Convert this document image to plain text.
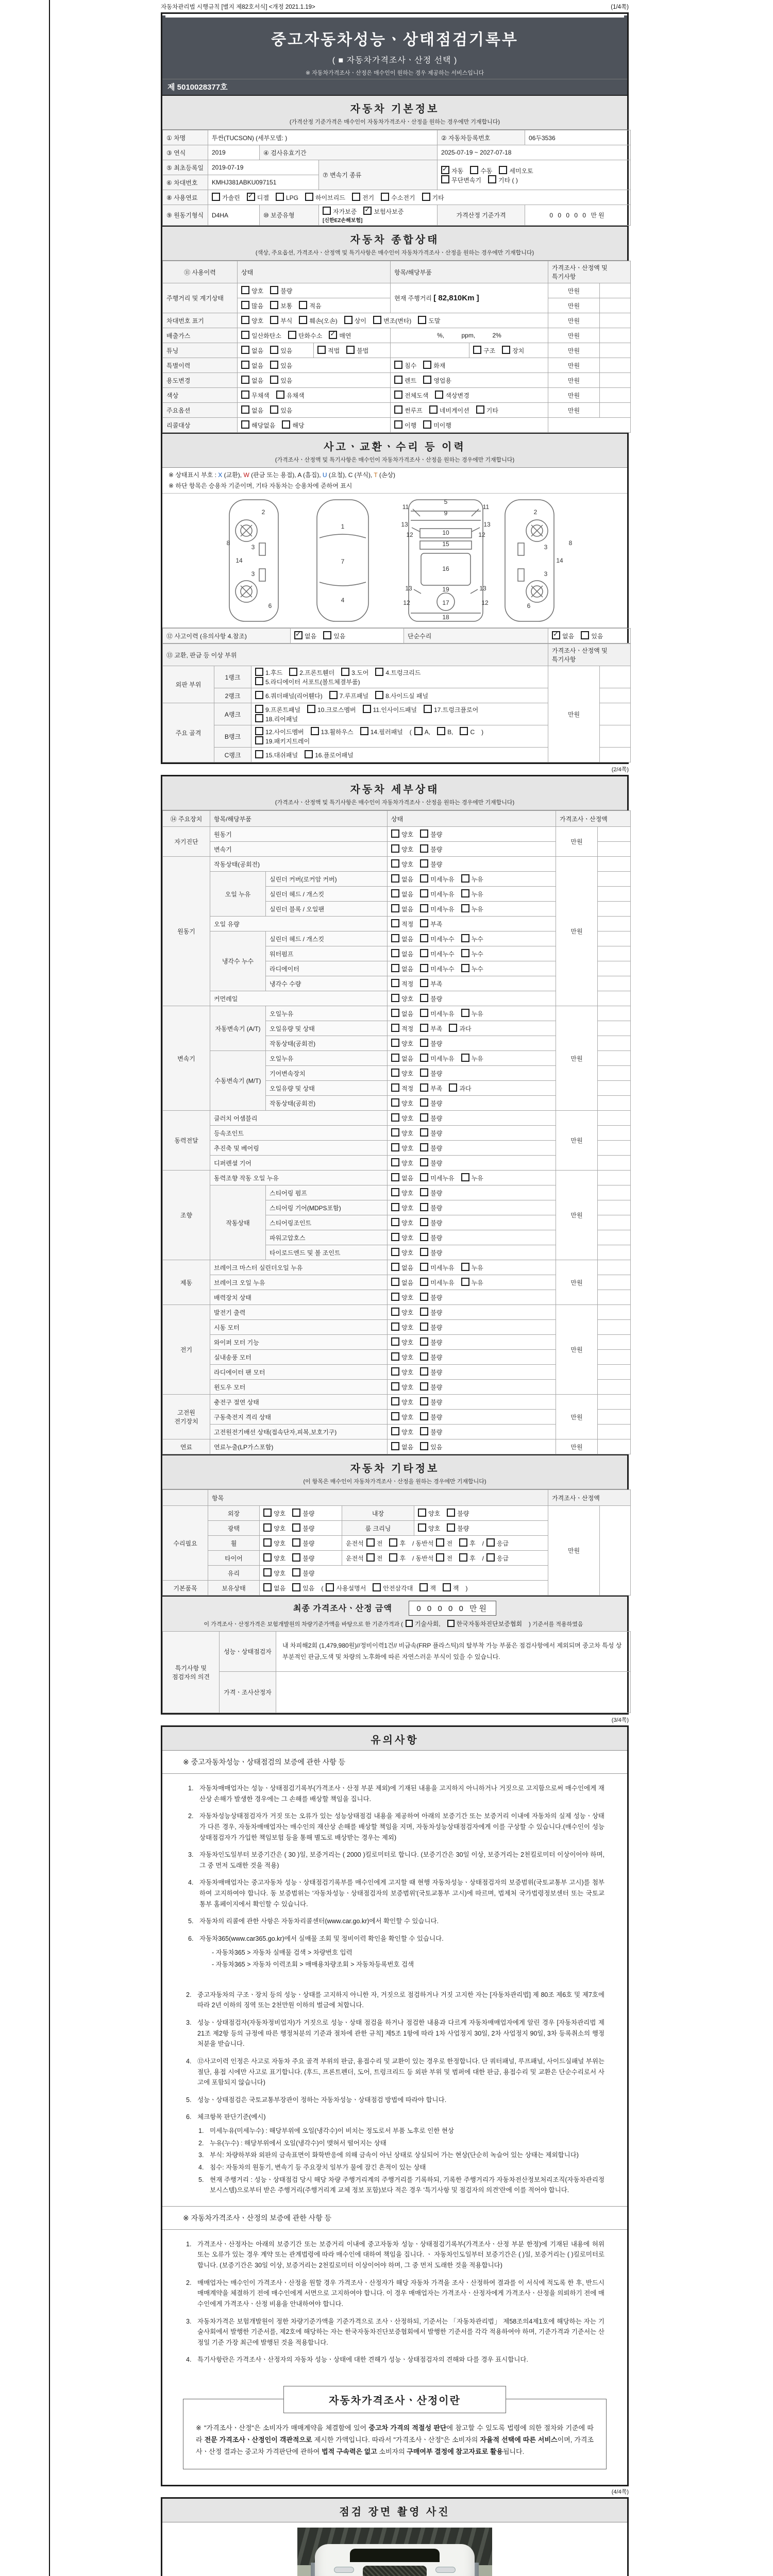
자동차관리법 시행규칙 [별지 제82호서식] <개정 2021.1.19>	(1/4쪽)
중고자동차성능ㆍ상태점검기록부
( ■ 자동차가격조사ㆍ산정 선택 )
※ 자동차가격조사ㆍ산정은 매수인이 원하는 경우 제공하는 서비스입니다
제 5010028377호
자동차 기본정보
(가격산정 기준가격은 매수인이 자동차가격조사ㆍ산정을 원하는 경우에만 기재합니다)
① 차명	투싼(TUCSON) (세부모델: )			② 자동차등록번호	06두3536
③ 연식	2019	④ 검사유효기간		2025-07-19 ~ 2027-07-18	
⑤ 최초등록일	2019-07-19		⑦ 변속기 종류	✓자동 수동 세미오토
무단변속기 기타 ( )
⑥ 차대번호	KMHJ381ABKU097151				
⑧ 사용연료	가솔린 ✓ 디젤 LPG 하이브리드 전기 수소전기 기타
⑨ 원동기형식	D4HA	⑩ 보증유형	자가보증 ✓ 보험사보증 [신한EZ손해보험]	가격산정 기준가격	0 0 0 0 0 만원
자동차 종합상태
(색상, 주요옵션, 가격조사ㆍ산정액 및 특기사항은 매수인이 자동차가격조사ㆍ산정을 원하는 경우에만 기재합니다)
⑪ 사용이력	상태		항목/해당부품		가격조사ㆍ산정액 및 특기사항	
주행거리 및 계기상태	양호 불량		현재 주행거리 [ 82,810Km ]		만원	
	많음 보통 적음				만원	
차대번호 표기	양호 부식 훼손(오손) 상이 변조(변타) 도말				만원	
배출가스	일산화탄소 탄화수소 ✓ 매연		%,          ppm,          2%		만원	
튜닝	없음 있음	적법 불법		구조 장치	만원	
특별이력	없음 있음		침수 화재		만원	
용도변경	없음 있음		렌트 영업용		만원	
색상	무채색 유채색		전체도색 색상변경		만원	
주요옵션	없음 있음		썬루프 네비게이션 기타		만원	
리콜대상	해당없음 해당		이행 미이행			
사고ㆍ교환ㆍ수리 등 이력
(가격조사ㆍ산정액 및 특기사항은 매수인이 자동차가격조사ㆍ산정을 원하는 경우에만 기재합니다)
※ 상태표시 부호 : X (교환), W (판금 또는 용접), A (흠집), U (요철), C (부식), T (손상)
※ 하단 항목은 승용차 기준이며, 기타 자동차는 승용차에 준하여 표시
2
8
3
14
3
6
1
7
4
5
11	11
9
13	13
12	12
10
15
16
13	19	13
12	17	12
18
2
8
3
14
3
6
⑫ 사고이력 (유의사항 4.참조)	✓없음	있음	단순수리	✓없음	있음
⑬ 교환, 판금 등 이상 부위			가격조사ㆍ산정액 및 특기사항	
외판 부위	1랭크	1.후드 2.프론트휀더 3.도어 4.트렁크리드
5.라디에이터 서포트(볼트체결부품)	만원	
	2랭크	6.쿼더패널(리어휀다) 7.루프패널 8.사이드실 패널		
주요 골격	A랭크	9.프론트패널 10.크로스멤버 11.인사이드패널 17.트렁크플로어
18.리어패널		
	B랭크	12.사이드멤버 13.휠하우스 14.필러패널 ( A, B, C )
19.패키지트레이		
	C랭크	15.대쉬패널 16.플로어패널		
(2/4쪽)
자동차 세부상태
(가격조사ㆍ산정액 및 특기사항은 매수인이 자동차가격조사ㆍ산정을 원하는 경우에만 기재합니다)
⑭ 주요장치	항목/해당부품		상태	가격조사ㆍ산정액	
자기진단	원동기		양호 불량	만원	
	변속기		양호 불량		
원동기	작동상태(공회전)		양호 불량	만원	
	오일 누유	실린더 커버(로커암 커버)	없음 미세누유 누유		
		실린더 헤드 / 개스킷	없음 미세누유 누유		
		실린더 블록 / 오일팬	없음 미세누유 누유		
	오일 유량		적정 부족		
	냉각수 누수	실린더 헤드 / 개스킷	없음 미세누수 누수		
		워터펌프	없음 미세누수 누수		
		라디에이터	없음 미세누수 누수		
		냉각수 수량	적정 부족		
	커먼레일		양호 불량		
변속기	자동변속기 (A/T)	오일누유	없음 미세누유 누유	만원	
		오일유량 및 상태	적정 부족 과다		
		작동상태(공회전)	양호 불량		
	수동변속기 (M/T)	오일누유	없음 미세누유 누유		
		기어변속장치	양호 불량		
		오일유량 및 상태	적정 부족 과다		
		작동상태(공회전)	양호 불량		
동력전달	클러치 어셈블리		양호 불량	만원	
	등속조인트		양호 불량		
	추진축 및 베어링		양호 불량		
	디퍼렌셜 기어		양호 불량		
조향	동력조향 작동 오일 누유		없음 미세누유 누유	만원	
	작동상태	스티어링 펌프	양호 불량		
		스티어링 기어(MDPS포함)	양호 불량		
		스티어링조인트	양호 불량		
		파워고압호스	양호 불량		
		타이로드엔드 및 볼 조인트	양호 불량		
제동	브레이크 마스터 실린더오일 누유		없음 미세누유 누유	만원	
	브레이크 오일 누유		없음 미세누유 누유		
	배력장치 상태		양호 불량		
전기	발전기 출력		양호 불량	만원	
	시동 모터		양호 불량		
	와이퍼 모터 기능		양호 불량		
	실내송풍 모터		양호 불량		
	라디에이터 팬 모터		양호 불량		
	윈도우 모터		양호 불량		
고전원 전기장치	충전구 절연 상태		양호 불량	만원	
	구동축전지 격리 상태		양호 불량		
	고전원전기배선 상태(접속단자,피복,보호기구)		양호 불량		
연료	연료누출(LP가스포함)		없음 있음	만원	
자동차 기타정보
(이 항목은 매수인이 자동차가격조사ㆍ산정을 원하는 경우에만 기재합니다)
	항목				가격조사ㆍ산정액	
수리필요	외장	양호 불량	내장	양호 불량	만원	
	광택	양호 불량	룸 크리닝	양호 불량		
	휠	양호 불량	운전석 전 후 / 동반석 전 후 / 응급			
	타이어	양호 불량	운전석 전 후 / 동반석 전 후 / 응급			
	유리	양호 불량				
기본품목	보유상태	없음 있음 ( 사용설명서 안전삼각대 잭 잭 )				
최종 가격조사ㆍ산정 금액	0 0 0 0 0 만원
이 가격조사ㆍ산정가격은 보험개발원의 차량기준가액을 바탕으로 한 기준가격과 ( 기술사회,	한국자동차진단보증협회 ) 기준서를 적용하였음
특기사항 및 점검자의 의견	성능ㆍ상태점검자	내 차피해2회 (1,479,980원)//정비이력1건// 비금속(FRP 플라스틱)의 탈부착 가능 부품은 점검사항에서 제외되며 중고차 특성 상 부분적인 판금,도색 및 차량의 노후화에 따른 자연스러운 부식이 있을 수 있습니다.
	가격ㆍ조사산정자	
(3/4쪽)
유의사항
※ 중고자동차성능ㆍ상태점검의 보증에 관한 사항 등
1. 자동차매매업자는 성능ㆍ상태점검기록부(가격조사ㆍ산정 부분 제외)에 기재된 내용을 고지하지 아니하거나 거짓으로 고지함으로써 매수인에게 재산상 손해가 발생한 경우에는 그 손해를 배상할 책임을 집니다.
2. 자동차성능상태점검자가 거짓 또는 오류가 있는 성능상태점검 내용을 제공하여 아래의 보증기간 또는 보증거리 이내에 자동차의 실제 성능ㆍ상태가 다른 경우, 자동차매매업자는 매수인의 재산상 손해를 배상할 책임을 지며, 자동차성능상태점검자에게 이를 구상할 수 있습니다.(매수인이 성능상태점검자가 가입한 책임보험 등을 통해 별도로 배상받는 경우는 제외)
3. 자동차인도일부터 보증기간은 ( 30 )일, 보증거리는 ( 2000 )킬로미터로 합니다. (보증기간은 30일 이상, 보증거리는 2천킬로미터 이상이어야 하며, 그 중 먼저 도래한 것을 적용)
4. 자동차매매업자는 중고자동차 성능ㆍ상태점검기록부를 매수인에게 고지할 때 현행 자동차성능ㆍ상태점검자의 보증범위(국토교통부 고시)를 첨부하여 고지하여야 합니다. 동 보증범위는 '자동차성능ㆍ상태점검자의 보증범위'(국토교통부 고시)에 따르며, 법제처 국가법령정보센터 또는 국토교통부 홈페이지에서 확인할 수 있습니다.
5. 자동차의 리콜에 관한 사항은 자동차리콜센터(www.car.go.kr)에서 확인할 수 있습니다.
6. 자동차365(www.car365.go.kr)에서 실매물 조회 및 정비이력 확인을 확인할 수 있습니다.
- 자동차365 > 자동차 실매물 검색 > 차량번호 입력
- 자동차365 > 자동차 이력조회 > 매매용차량조회 > 자동차등록번호 검색
2. 중고자동차의 구조ㆍ장치 등의 성능ㆍ상태를 고지하지 아니한 자, 거짓으로 점검하거나 거짓 고지한 자는 [자동차관리법] 제 80조 제6호 및 제7호에 따라 2년 이하의 징역 또는 2천만원 이하의 벌금에 처합니다.
3. 성능ㆍ상태점검자(자동차정비업자)가 거짓으로 성능ㆍ상태 점검을 하거나 점검한 내용과 다르게 자동차매매업자에게 알린 경우 [자동차관리법 제21조 제2항 등의 규정에 따른 행정처분의 기준과 절차에 관한 규칙] 제5조 1항에 따라 1차 사업정지 30일, 2차 사업정지 90일, 3차 등록취소의 행정처분을 받습니다.
4. ⑫사고이력 인정은 사고로 자동차 주요 골격 부위의 판금, 용접수리 및 교환이 있는 경우로 한정합니다. 단 쿼터패널, 루프패널, 사이드실패널 부위는 절단, 용접 시에만 사고로 표기합니다. (후드, 프론트펜더, 도어, 트렁크리드 등 외판 부위 및 범퍼에 대한 판금, 용접수리 및 교환은 단순수리로서 사고에 포함되지 않습니다)
5. 성능ㆍ상태점검은 국토교통부장관이 정하는 자동차성능ㆍ상태점검 방법에 따라야 합니다.
6. 체크항목 판단기준(예시)
1. 미세누유(미세누수) : 해당부위에 오일(냉각수)이 비치는 정도로서 부품 노후로 인한 현상
2. 누유(누수) : 해당부위에서 오일(냉각수)이 맺혀서 떨어지는 상태
3. 부식: 차량하부와 외판의 금속표면이 화학반응에 의해 금속이 아닌 상태로 상실되어 가는 현상(단순히 녹슬어 있는 상태는 제외합니다)
4. 침수: 자동차의 원동기, 변속기 등 주요장치 일부가 물에 잠긴 흔적이 있는 상태
5. 현재 주행거리 : 성능ㆍ상태점검 당시 해당 차량 주행거리계의 주행거리를 기록하되, 기록한 주행거리가 자동차전산정보처리조직(자동차관리정보시스템)으로부터 받은 주행거리(주행거리계 교체 정보 포함)보다 적은 경우 '특기사항 및 점검자의 의견'란에 이를 적어야 합니다.
※ 자동차가격조사ㆍ산정의 보증에 관한 사항 등
1. 가격조사ㆍ산정자는 아래의 보증기간 또는 보증거리 이내에 중고자동차 성능ㆍ상태점검기록부(가격조사ㆍ산정 부분 한정)에 기재된 내용에 허위 또는 오류가 있는 경우 계약 또는 관계법령에 따라 매수인에 대하여 책임을 집니다. ㆍ 자동차인도일부터 보증기간은 ( )일, 보증거리는 ( )킬로미터로 합니다. (보증기간은 30일 이상, 보증거리는 2천킬로미터 이상이어야 하며, 그 중 먼저 도래한 것을 적용합니다)
2. 매매업자는 매수인이 가격조사ㆍ산정을 원할 경우 가격조사ㆍ산정자가 해당 자동차 가격을 조사ㆍ산정하여 결과를 이 서식에 적도록 한 후, 반드시 매매계약을 체결하기 전에 매수인에게 서면으로 고지하여야 합니다. 이 경우 매매업자는 가격조사ㆍ산정자에게 가격조사ㆍ산정을 의뢰하기 전에 매수인에게 가격조사ㆍ산정 비용을 안내하여야 합니다.
3. 자동차가격은 보험개발원이 정한 차량기준가액을 기준가격으로 조사ㆍ산정하되, 기준서는 「자동차관리법」 제58조의4제1호에 해당하는 자는 기술사회에서 발행한 기준서를, 제2호에 해당하는 자는 한국자동차진단보증협회에서 발행한 기준서를 각각 적용하여야 하며, 기준가격과 기준서는 산정일 기준 가장 최근에 발행된 것을 적용합니다.
4. 특기사항란은 가격조사ㆍ산정자의 자동차 성능ㆍ상태에 대한 견해가 성능ㆍ상태점검자의 견해와 다를 경우 표시합니다.
자동차가격조사ㆍ산정이란
※ "가격조사ㆍ산정"은 소비자가 매매계약을 체결함에 있어 중고차 가격의 적절성 판단에 참고할 수 있도록 법령에 의한 절차와 기준에 따라 전문 가격조사ㆍ산정인이 객관적으로 제시한 가액입니다. 따라서 "가격조사ㆍ산정"은 소비자의 자율적 선택에 따른 서비스이며, 가격조사ㆍ산정 결과는 중고차 가격판단에 관하여 법적 구속력은 없고 소비자의 구매여부 결정에 참고자료로 활용됩니다.
(4/4쪽)
점검 장면 촬영 사진
